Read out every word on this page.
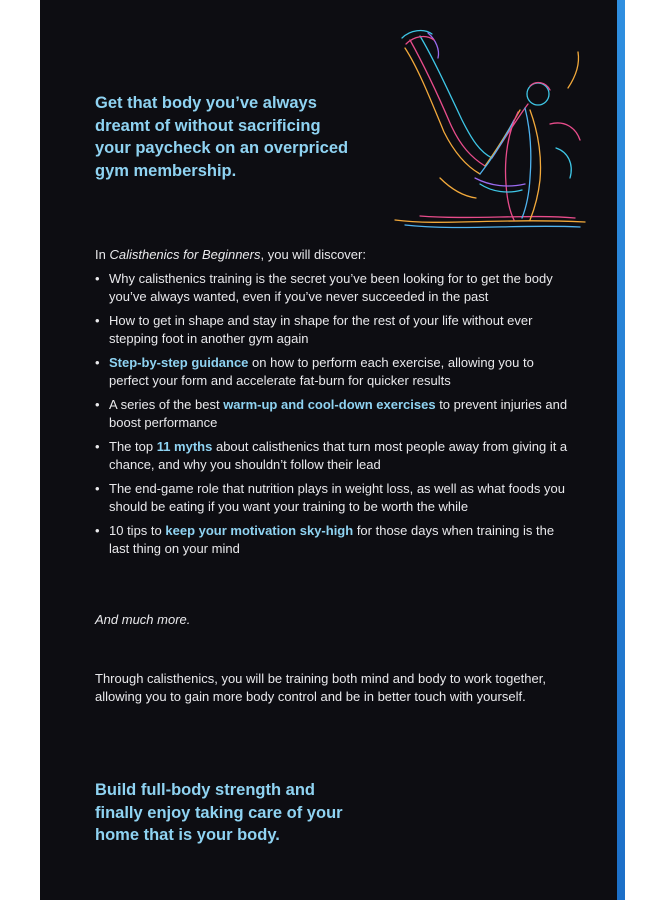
Get that body you’ve always dreamt of without sacrificing your paycheck on an overpriced gym membership.

In Calisthenics for Beginners, you will discover:

• Why calisthenics training is the secret you’ve been looking for to get the body you’ve always wanted, even if you’ve never succeeded in the past
• How to get in shape and stay in shape for the rest of your life without ever stepping foot in another gym again
• Step-by-step guidance on how to perform each exercise, allowing you to perfect your form and accelerate fat-burn for quicker results
• A series of the best warm-up and cool-down exercises to prevent injuries and boost performance
• The top 11 myths about calisthenics that turn most people away from giving it a chance, and why you shouldn’t follow their lead
• The end-game role that nutrition plays in weight loss, as well as what foods you should be eating if you want your training to be worth the while
• 10 tips to keep your motivation sky-high for those days when training is the last thing on your mind

And much more.

Through calisthenics, you will be training both mind and body to work together, allowing you to gain more body control and be in better touch with yourself.

Build full-body strength and finally enjoy taking care of your home that is your body.
